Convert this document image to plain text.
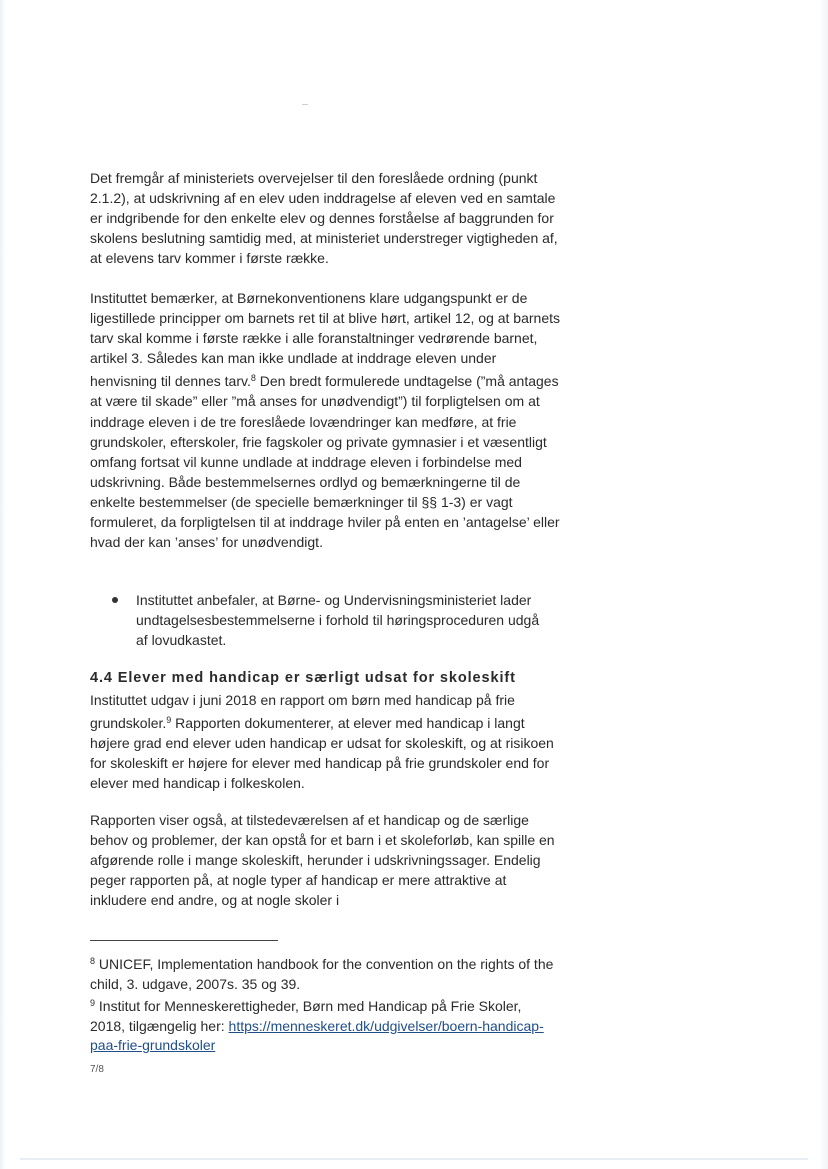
Det fremgår af ministeriets overvejelser til den foreslåede ordning (punkt 2.1.2), at udskrivning af en elev uden inddragelse af eleven ved en samtale er indgribende for den enkelte elev og dennes forståelse af baggrunden for skolens beslutning samtidig med, at ministeriet understreger vigtigheden af, at elevens tarv kommer i første række.

Instituttet bemærker, at Børnekonventionens klare udgangspunkt er de ligestillede principper om barnets ret til at blive hørt, artikel 12, og at barnets tarv skal komme i første række i alle foranstaltninger vedrørende barnet, artikel 3. Således kan man ikke undlade at inddrage eleven under henvisning til dennes tarv.$^8$ Den bredt formulerede undtagelse (”må antages at være til skade” eller ”må anses for unødvendigt”) til forpligtelsen om at inddrage eleven i de tre foreslåede lovændringer kan medføre, at frie grundskoler, efterskoler, frie fagskoler og private gymnasier i et væsentligt omfang fortsat vil kunne undlade at inddrage eleven i forbindelse med udskrivning. Både bestemmelsernes ordlyd og bemærkningerne til de enkelte bestemmelser (de specielle bemærkninger til §§ 1-3) er vagt formuleret, da forpligtelsen til at inddrage hviler på enten en ’antagelse’ eller hvad der kan ’anses’ for unødvendigt.

Instituttet anbefaler, at Børne- og Undervisningsministeriet lader undtagelsesbestemmelserne i forhold til høringsproceduren udgå af lovudkastet.

4.4 Elever med handicap er særligt udsat for skoleskift

Instituttet udgav i juni 2018 en rapport om børn med handicap på frie grundskoler.$^9$ Rapporten dokumenterer, at elever med handicap i langt højere grad end elever uden handicap er udsat for skoleskift, og at risikoen for skoleskift er højere for elever med handicap på frie grundskoler end for elever med handicap i folkeskolen.

Rapporten viser også, at tilstedeværelsen af et handicap og de særlige behov og problemer, der kan opstå for et barn i et skoleforløb, kan spille en afgørende rolle i mange skoleskift, herunder i udskrivningssager. Endelig peger rapporten på, at nogle typer af handicap er mere attraktive at inkludere end andre, og at nogle skoler i

$^8$ UNICEF, Implementation handbook for the convention on the rights of the child, 3. udgave, 2007s. 35 og 39.

$^9$ Institut for Menneskerettigheder, Børn med Handicap på Frie Skoler, 2018, tilgængelig her: https://menneskeret.dk/udgivelser/boern-handicap-paa-frie-grundskoler

7/8
